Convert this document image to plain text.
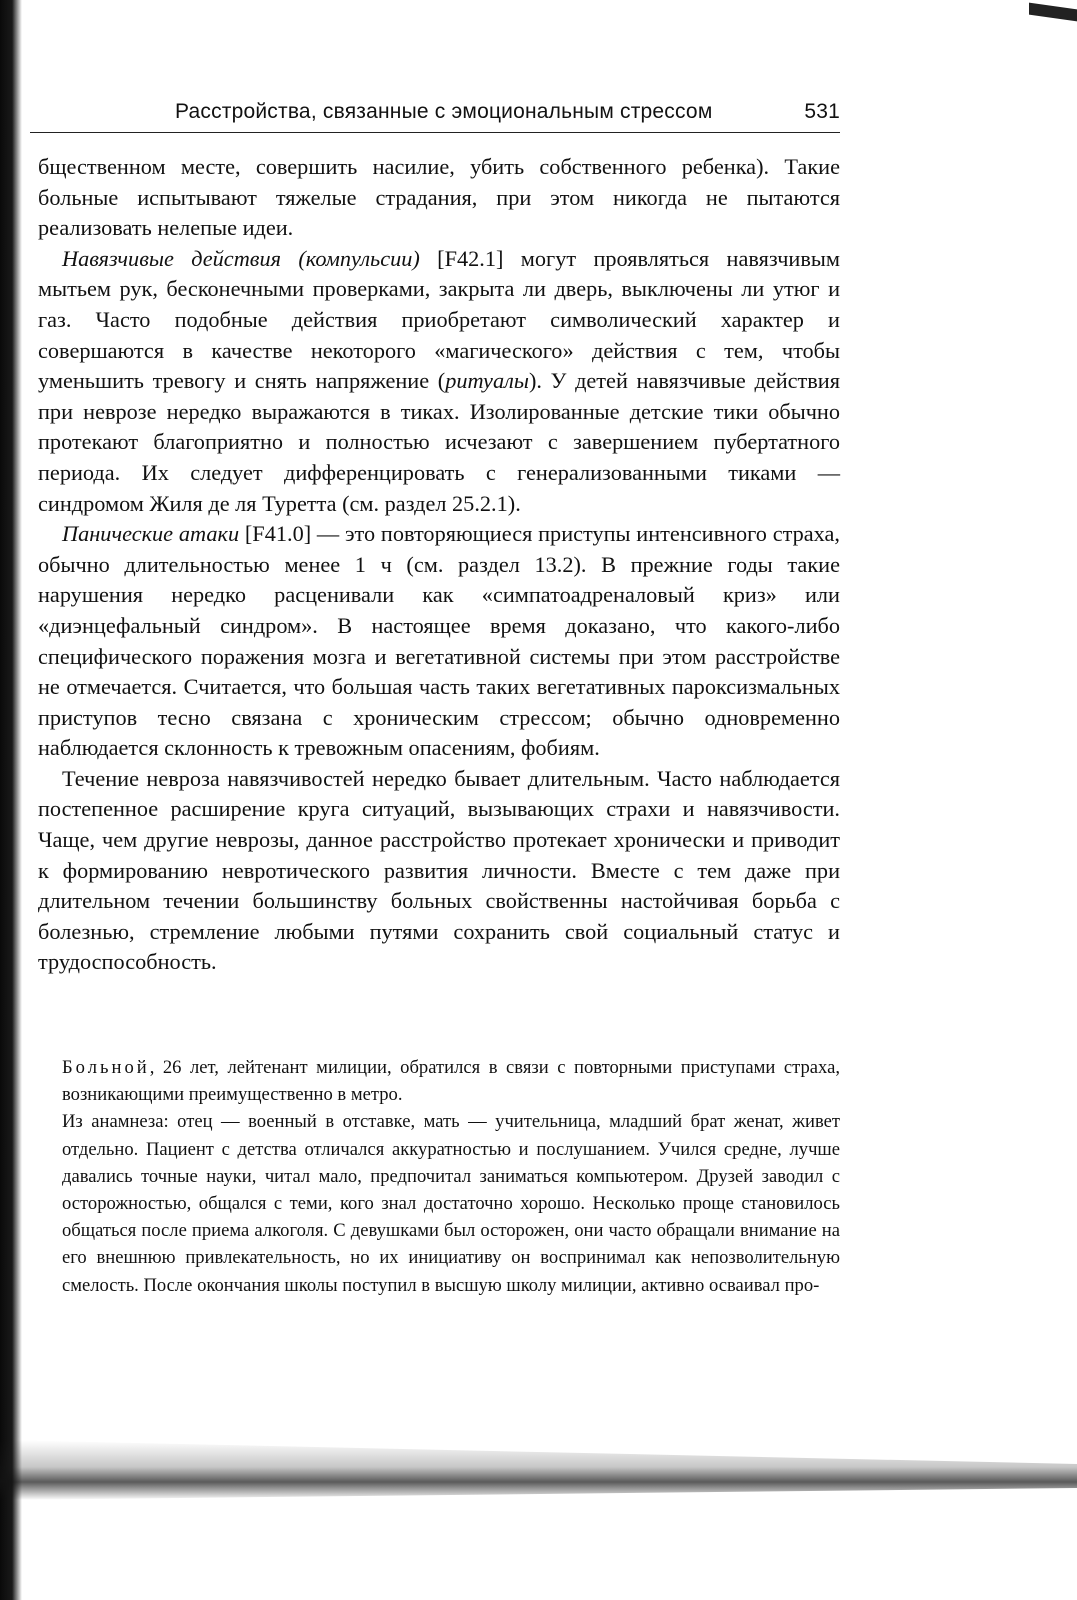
Расстройства, связанные с эмоциональным стрессом	531

бщественном месте, совершить насилие, убить собственного ребенка). Такие больные испытывают тяжелые страдания, при этом никогда не пытаются реализовать нелепые идеи.

Навязчивые действия (компульсии) [F42.1] могут проявляться навязчивым мытьем рук, бесконечными проверками, закрыта ли дверь, выключены ли утюг и газ. Часто подобные действия приобретают символический характер и совершаются в качестве некоторого «магического» действия с тем, чтобы уменьшить тревогу и снять напряжение (ритуалы). У детей навязчивые действия при неврозе нередко выражаются в тиках. Изолированные детские тики обычно протекают благоприятно и полностью исчезают с завершением пубертатного периода. Их следует дифференцировать с генерализованными тиками — синдромом Жиля де ля Туретта (см. раздел 25.2.1).

Панические атаки [F41.0] — это повторяющиеся приступы интенсивного страха, обычно длительностью менее 1 ч (см. раздел 13.2). В прежние годы такие нарушения нередко расценивали как «симпатоадреналовый криз» или «диэнцефальный синдром». В настоящее время доказано, что какого-либо специфического поражения мозга и вегетативной системы при этом расстройстве не отмечается. Считается, что большая часть таких вегетативных пароксизмальных приступов тесно связана с хроническим стрессом; обычно одновременно наблюдается склонность к тревожным опасениям, фобиям.

Течение невроза навязчивостей нередко бывает длительным. Часто наблюдается постепенное расширение круга ситуаций, вызывающих страхи и навязчивости. Чаще, чем другие неврозы, данное расстройство протекает хронически и приводит к формированию невротического развития личности. Вместе с тем даже при длительном течении большинству больных свойственны настойчивая борьба с болезнью, стремление любыми путями сохранить свой социальный статус и трудоспособность.

Больной, 26 лет, лейтенант милиции, обратился в связи с повторными приступами страха, возникающими преимущественно в метро.

Из анамнеза: отец — военный в отставке, мать — учительница, младший брат женат, живет отдельно. Пациент с детства отличался аккуратностью и послушанием. Учился средне, лучше давались точные науки, читал мало, предпочитал заниматься компьютером. Друзей заводил с осторожностью, общался с теми, кого знал достаточно хорошо. Несколько проще становилось общаться после приема алкоголя. С девушками был осторожен, они часто обращали внимание на его внешнюю привлекательность, но их инициативу он воспринимал как непозволительную смелость. После окончания школы поступил в высшую школу милиции, активно осваивал про-
